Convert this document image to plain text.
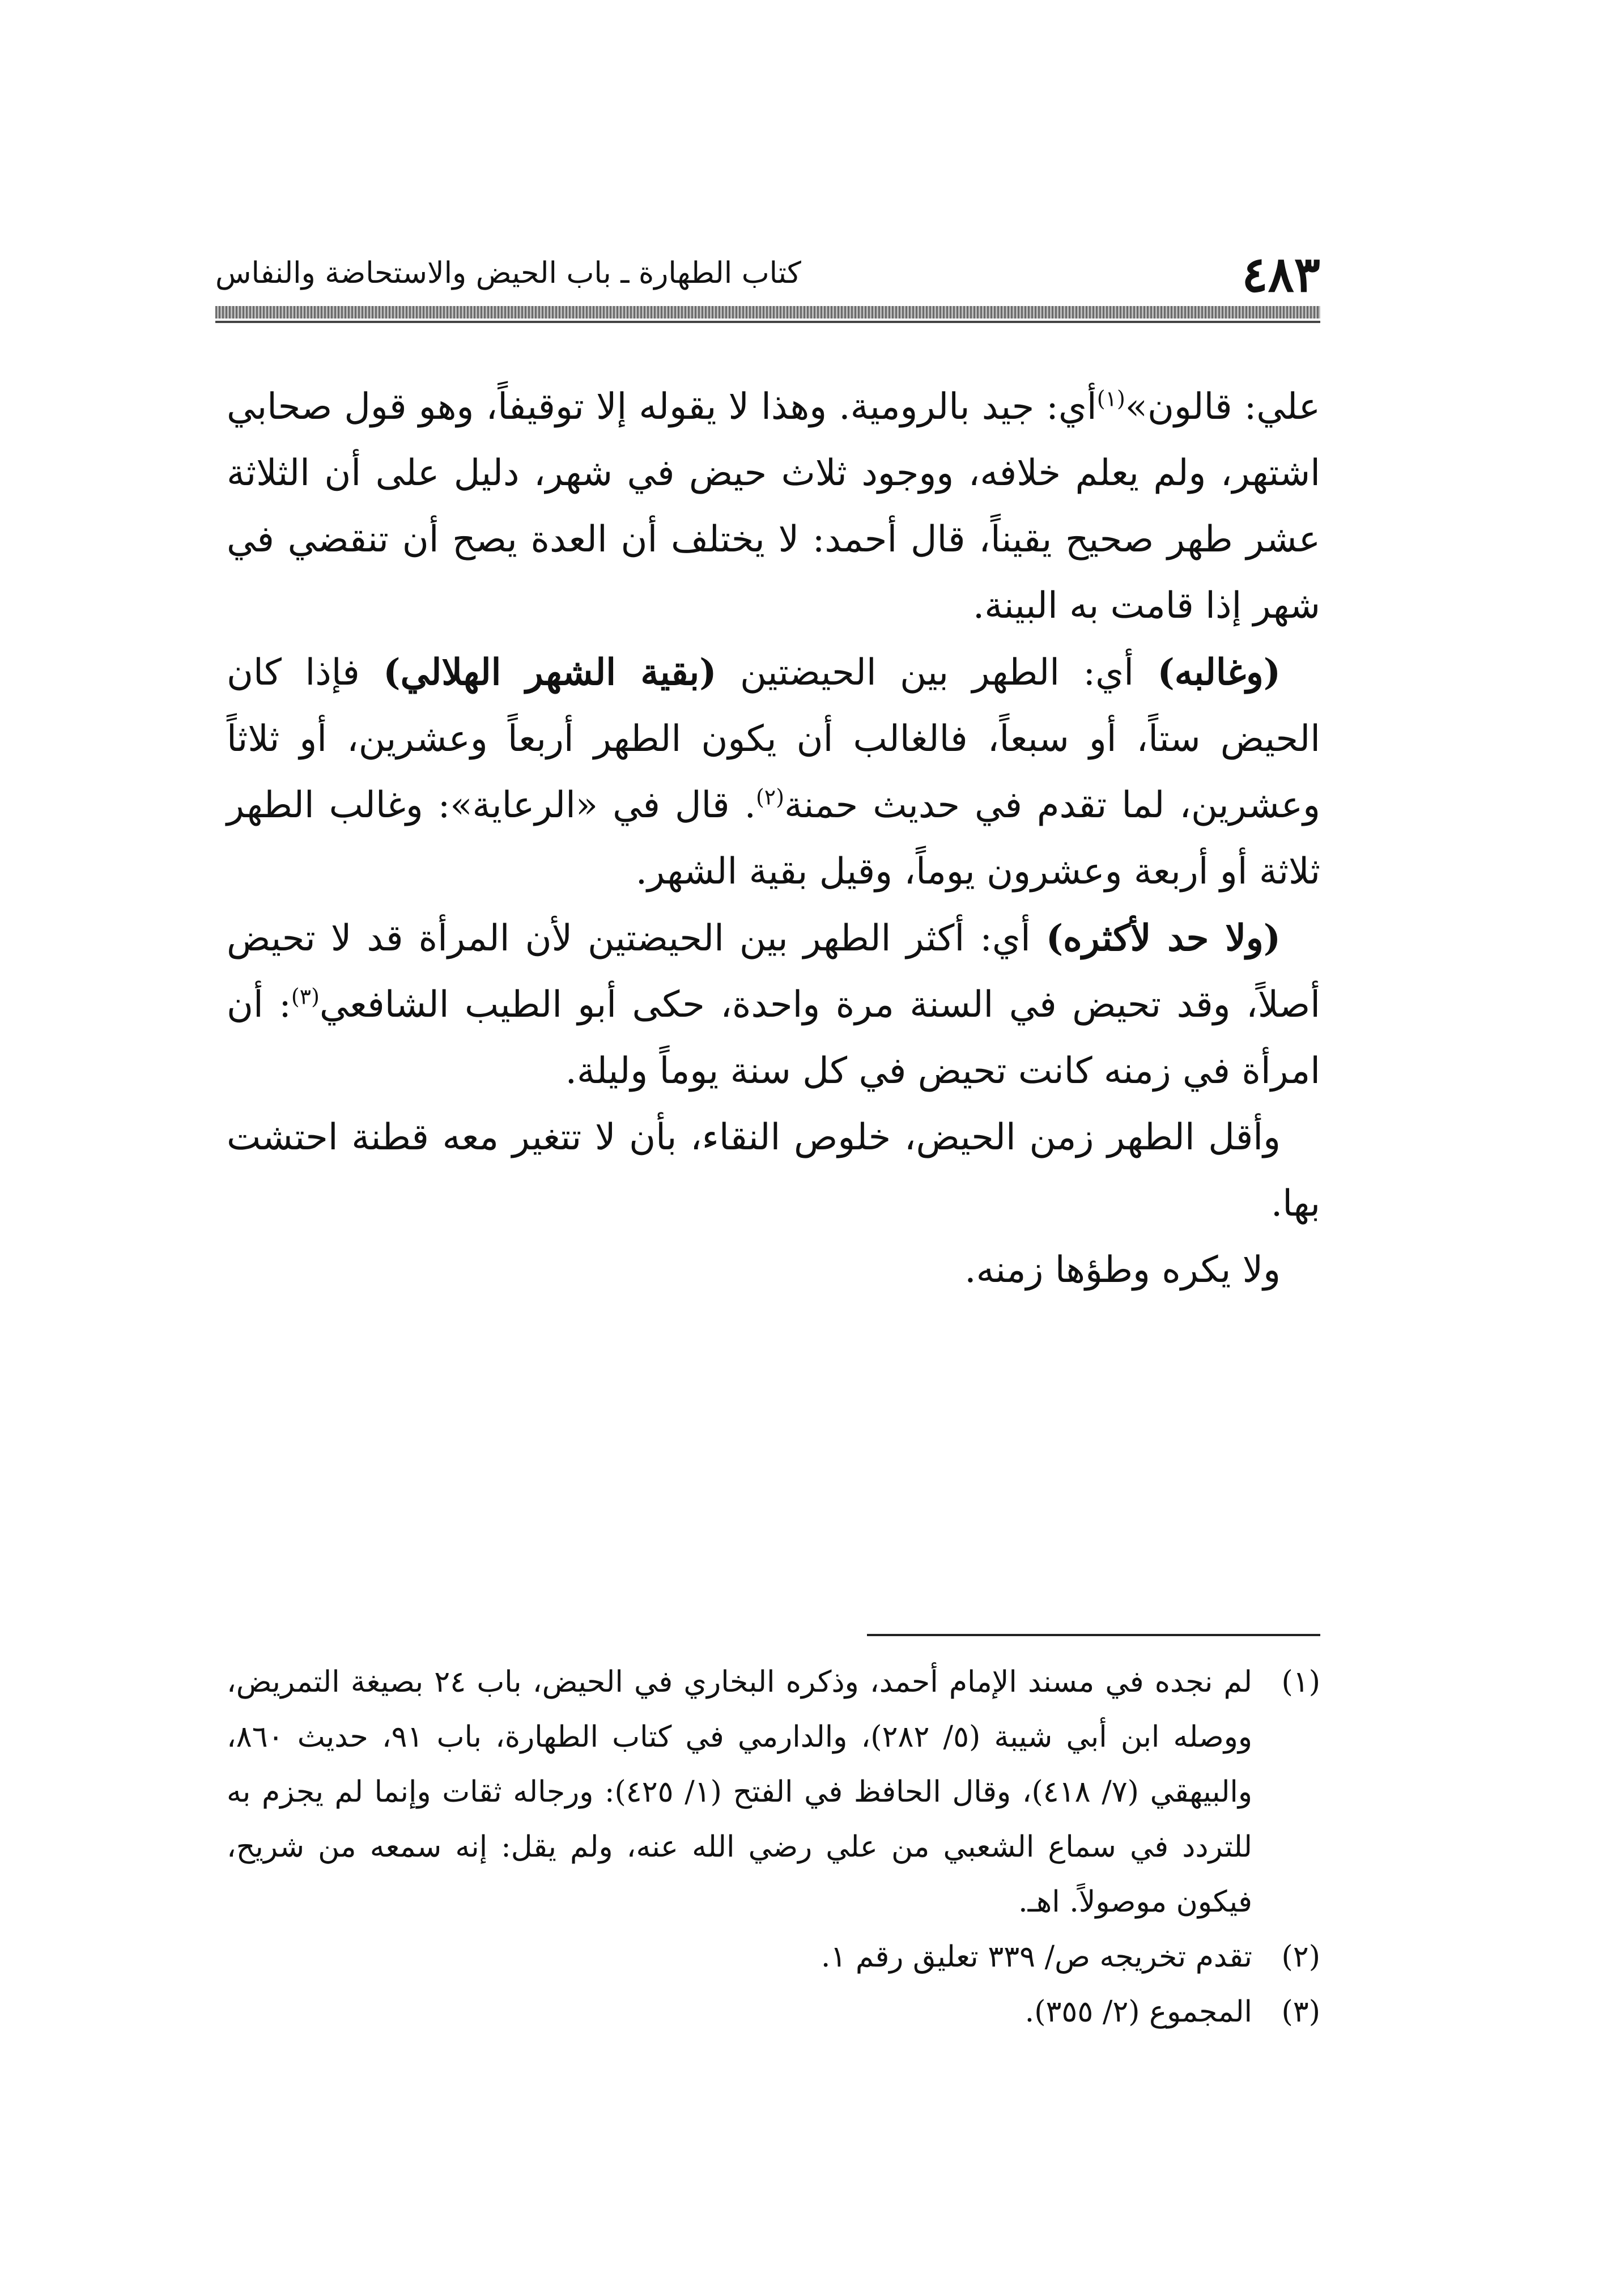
٤٨٣
كتاب الطهارة ـ باب الحيض والاستحاضة والنفاس

علي: قالون»$^{(١)}$أي: جيد بالرومية. وهذا لا يقوله إلا توقيفاً، وهو قول صحابي اشتهر، ولم يعلم خلافه، ووجود ثلاث حيض في شهر، دليل على أن الثلاثة عشر طهر صحيح يقيناً، قال أحمد: لا يختلف أن العدة يصح أن تنقضي في شهر إذا قامت به البينة.

(وغالبه) أي: الطهر بين الحيضتين (بقية الشهر الهلالي) فإذا كان الحيض ستاً، أو سبعاً، فالغالب أن يكون الطهر أربعاً وعشرين، أو ثلاثاً وعشرين، لما تقدم في حديث حمنة$^{(٢)}$. قال في «الرعاية»: وغالب الطهر ثلاثة أو أربعة وعشرون يوماً، وقيل بقية الشهر.

(ولا حد لأكثره) أي: أكثر الطهر بين الحيضتين لأن المرأة قد لا تحيض أصلاً، وقد تحيض في السنة مرة واحدة، حكى أبو الطيب الشافعي$^{(٣)}$: أن امرأة في زمنه كانت تحيض في كل سنة يوماً وليلة.

وأقل الطهر زمن الحيض، خلوص النقاء، بأن لا تتغير معه قطنة احتشت بها.

ولا يكره وطؤها زمنه.

(١)
لم نجده في مسند الإمام أحمد، وذكره البخاري في الحيض، باب ٢٤ بصيغة التمريض، ووصله ابن أبي شيبة (٥/ ٢٨٢)، والدارمي في كتاب الطهارة، باب ٩١، حديث ٨٦٠، والبيهقي (٧/ ٤١٨)، وقال الحافظ في الفتح (١/ ٤٢٥): ورجاله ثقات وإنما لم يجزم به للتردد في سماع الشعبي من علي رضي الله عنه، ولم يقل: إنه سمعه من شريح، فيكون موصولاً. اهـ.
(٢)
تقدم تخريجه ص/ ٣٣٩ تعليق رقم ١.
(٣)
المجموع (٢/ ٣٥٥).
